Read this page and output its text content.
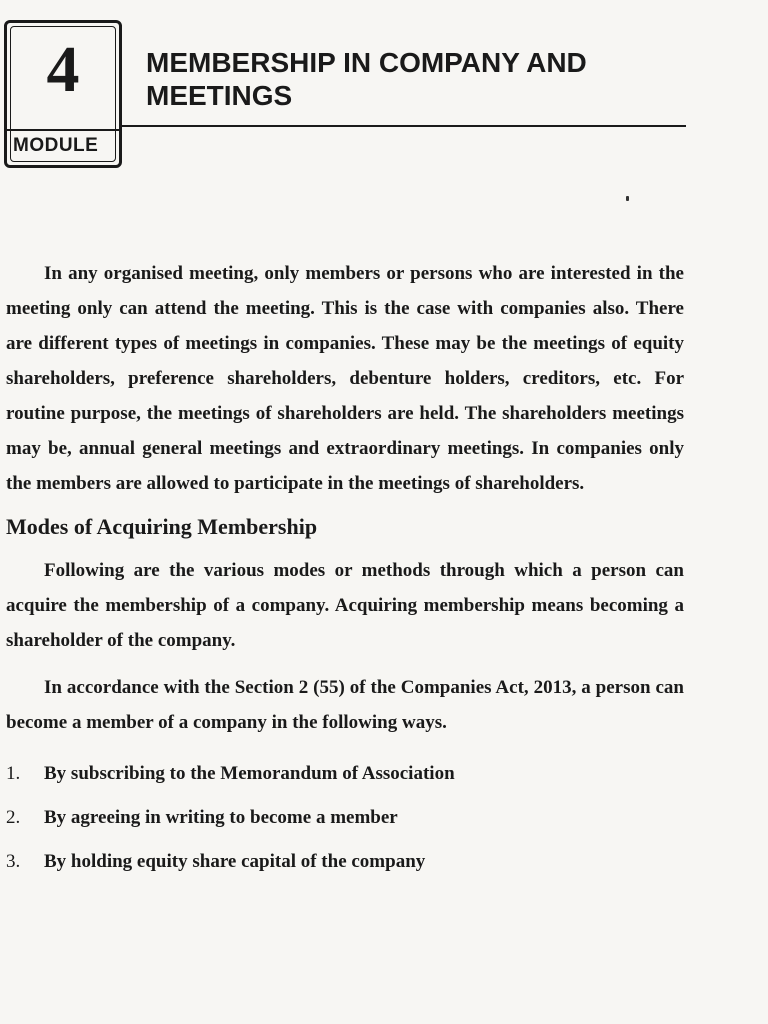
4
MODULE
MEMBERSHIP IN COMPANY AND MEETINGS

In any organised meeting, only members or persons who are interested in the meeting only can attend the meeting. This is the case with companies also. There are different types of meetings in companies. These may be the meetings of equity shareholders, preference shareholders, debenture holders, creditors, etc. For routine purpose, the meetings of shareholders are held. The shareholders meetings may be, annual general meetings and extraordinary meetings. In companies only the members are allowed to participate in the meetings of shareholders.

Modes of Acquiring Membership

Following are the various modes or methods through which a person can acquire the membership of a company. Acquiring membership means becoming a shareholder of the company.

In accordance with the Section 2 (55) of the Companies Act, 2013, a person can become a member of a company in the following ways.

1.	By subscribing to the Memorandum of Association
2.	By agreeing in writing to become a member
3.	By holding equity share capital of the company
